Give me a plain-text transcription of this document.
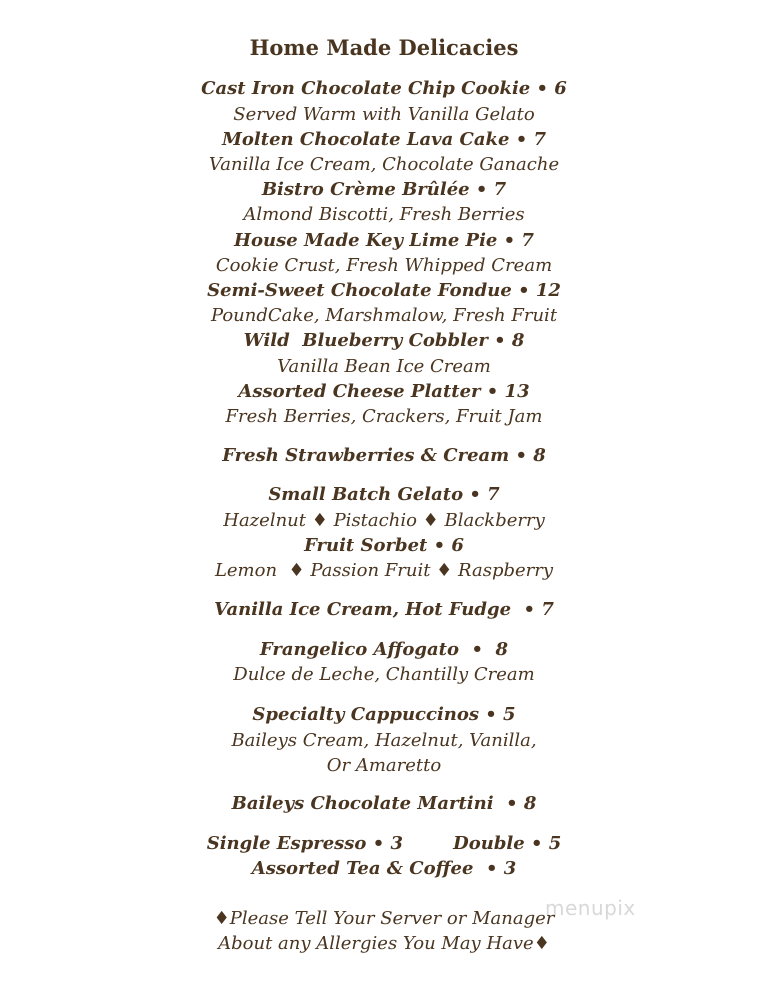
Home Made Delicacies
Cast Iron Chocolate Chip Cookie • 6
Served Warm with Vanilla Gelato
Molten Chocolate Lava Cake • 7
Vanilla Ice Cream, Chocolate Ganache
Bistro Crème Brûlée • 7
Almond Biscotti, Fresh Berries
House Made Key Lime Pie • 7
Cookie Crust, Fresh Whipped Cream
Semi-Sweet Chocolate Fondue • 12
PoundCake, Marshmalow, Fresh Fruit
Wild  Blueberry Cobbler • 8
Vanilla Bean Ice Cream
Assorted Cheese Platter • 13
Fresh Berries, Crackers, Fruit Jam
Fresh Strawberries & Cream • 8
Small Batch Gelato • 7
Hazelnut ♦ Pistachio ♦ Blackberry
Fruit Sorbet • 6
Lemon  ♦ Passion Fruit ♦ Raspberry
Vanilla Ice Cream, Hot Fudge  • 7
Frangelico Affogato  •  8
Dulce de Leche, Chantilly Cream
Specialty Cappuccinos • 5
Baileys Cream, Hazelnut, Vanilla,
Or Amaretto
Baileys Chocolate Martini  • 8
Single Espresso • 3        Double • 5
Assorted Tea & Coffee  • 3
♦Please Tell Your Server or Manager
About any Allergies You May Have♦
menupix
